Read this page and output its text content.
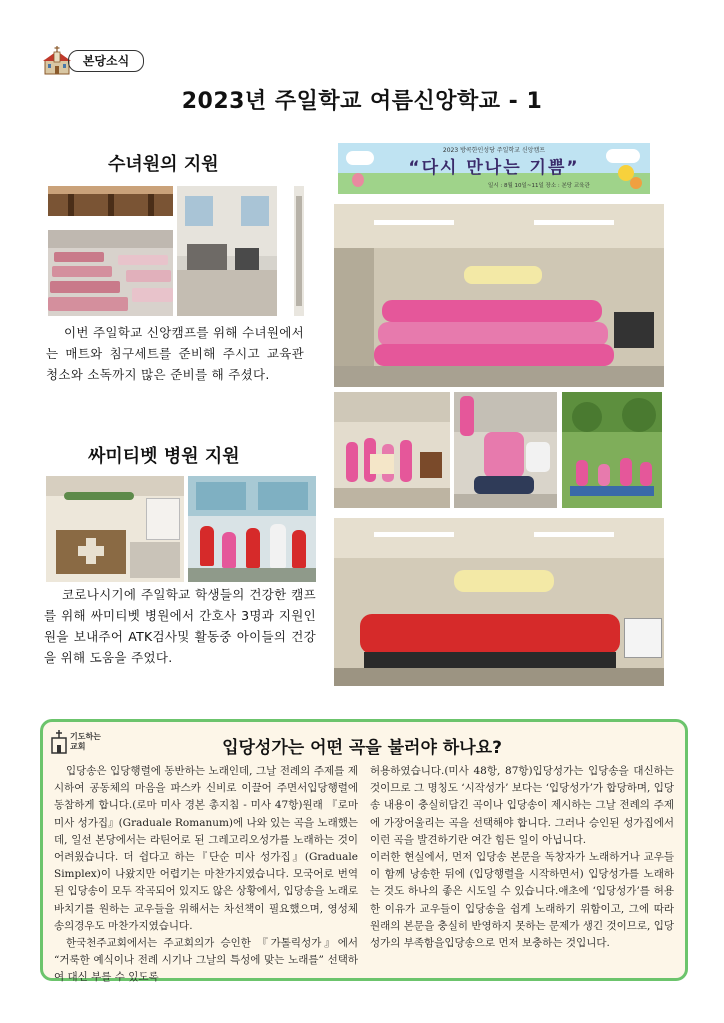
본당소식
2023년 주일학교 여름신앙학교 - 1
수녀원의 지원
이번 주일학교 신앙캠프를 위해 수녀원에서는 매트와 침구세트를 준비해 주시고 교육관 청소와 소독까지 많은 준비를 해 주셨다.
싸미티벳 병원 지원
코로나시기에 주일학교 학생들의 건강한 캠프를 위해 싸미티벳 병원에서 간호사 3명과 지원인원을 보내주어 ATK검사및 활동중 아이들의 건강을 위해 도움을 주었다.
2023 방콕한인성당 주일학교 신앙캠프
“다시 만나는 기쁨”
일시 : 8월 10일~11일 장소 : 본당 교육관
기도하는 교회	입당성가는 어떤 곡을 불러야 하나요?

입당송은 입당행렬에 동반하는 노래인데, 그날 전례의 주제를 제시하여 공동체의 마음을 파스카 신비로 이끌어 주면서입당행렬에 동참하게 합니다.(로마 미사 경본 총지침 - 미사 47항)원래 『로마 미사 성가집』(Graduale Romanum)에 나와 있는 곡을 노래했는데, 일선 본당에서는 라틴어로 된 그레고리오성가를 노래하는 것이 어려웠습니다. 더 쉽다고 하는『단순 미사 성가집』(Graduale Simplex)이 나왔지만 어렵기는 마찬가지였습니다. 모국어로 번역된 입당송이 모두 작곡되어 있지도 않은 상황에서, 입당송을 노래로 바치기를 원하는 교우들을 위해서는 차선책이 필요했으며, 영성체송의경우도 마찬가지였습니다.

한국천주교회에서는 주교회의가 승인한 『가톨릭성가』에서 “거룩한 예식이나 전례 시기나 그날의 특성에 맞는 노래를” 선택하여 대신 부를 수 있도록

허용하였습니다.(미사 48항, 87항)입당성가는 입당송을 대신하는 것이므로 그 명칭도 ‘시작성가’ 보다는 ‘입당성가’가 합당하며, 입당송 내용이 충실히담긴 곡이나 입당송이 제시하는 그날 전례의 주제에 가장어울리는 곡을 선택해야 합니다. 그러나 승인된 성가집에서이런 곡을 발견하기란 여간 힘든 일이 아닙니다.

이러한 현실에서, 먼저 입당송 본문을 독창자가 노래하거나 교우들이 함께 낭송한 뒤에 (입당행렬을 시작하면서) 입당성가를 노래하는 것도 하나의 좋은 시도일 수 있습니다.애초에 ‘입당성가’를 허용한 이유가 교우들이 입당송을 쉽게 노래하기 위함이고, 그에 따라 원래의 본문을 충실히 반영하지 못하는 문제가 생긴 것이므로, 입당성가의 부족함을입당송으로 먼저 보충하는 것입니다.
